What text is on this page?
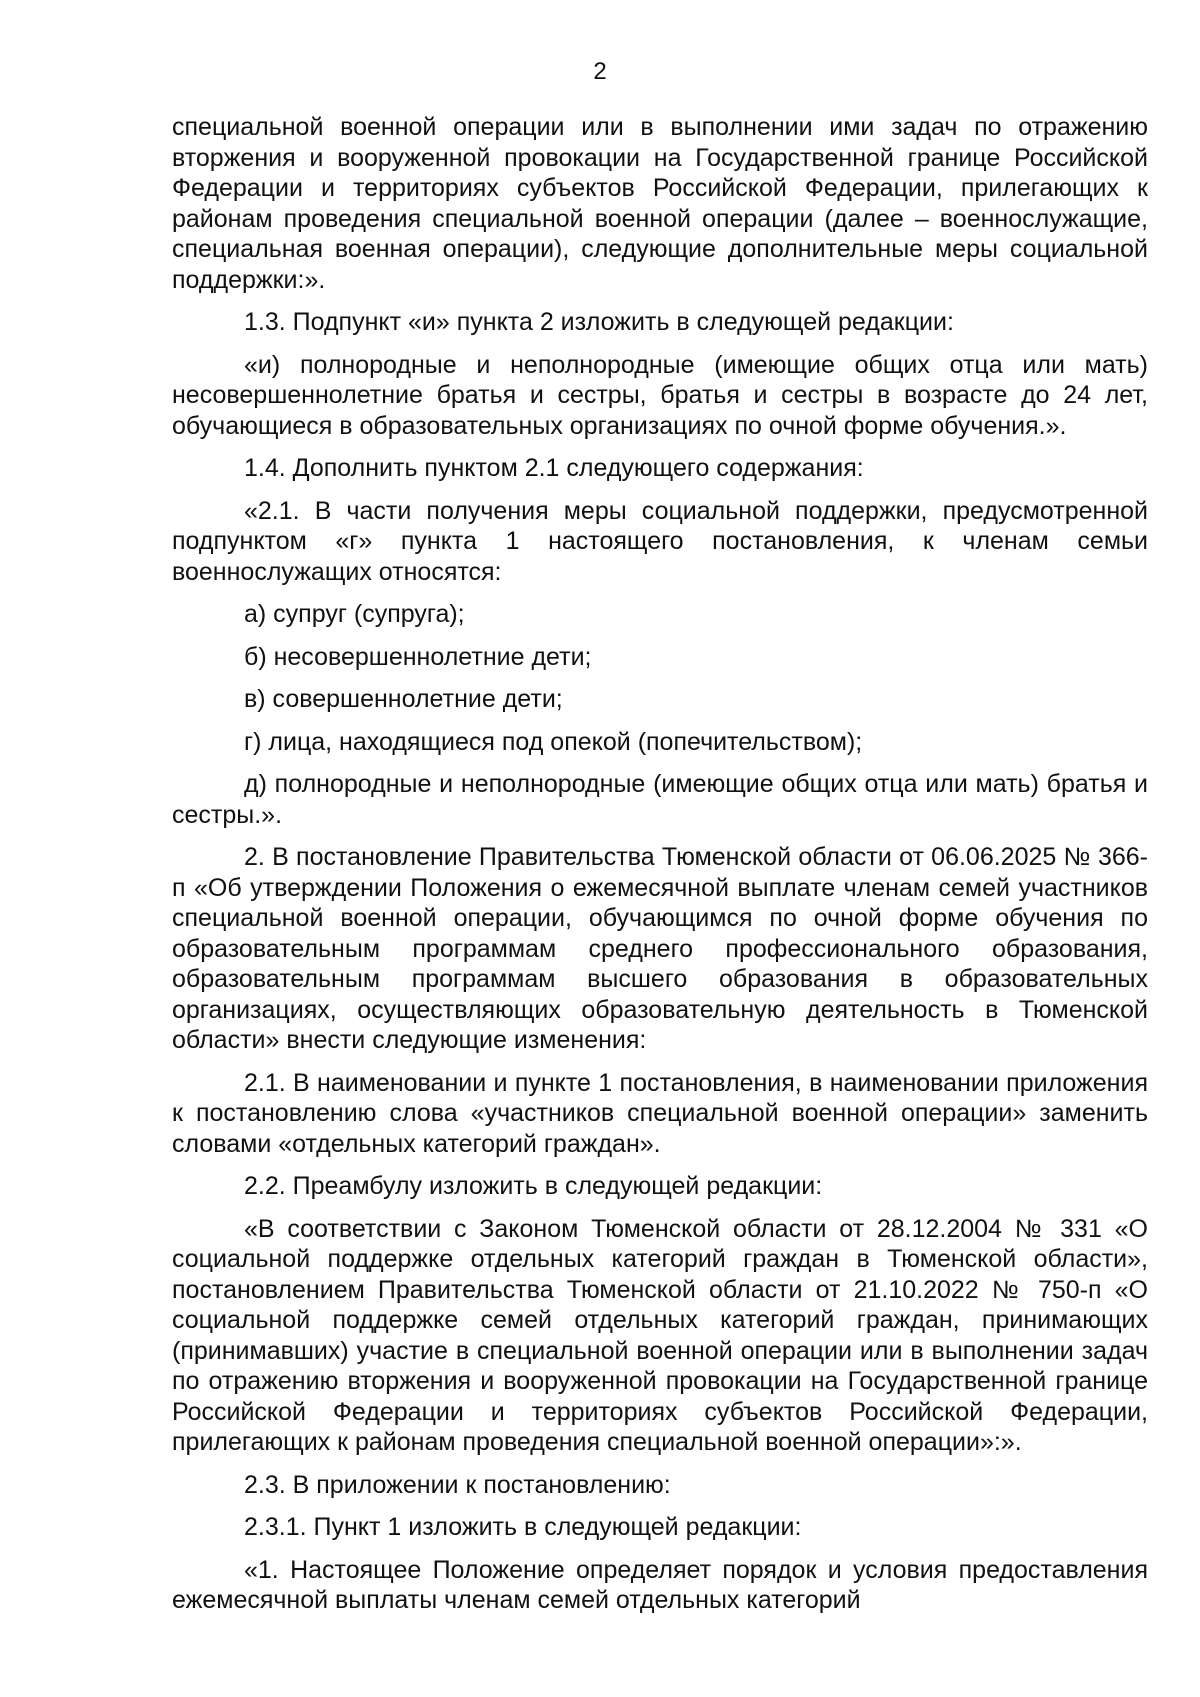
2

специальной военной операции или в выполнении ими задач по отражению вторжения и вооруженной провокации на Государственной границе Российской Федерации и территориях субъектов Российской Федерации, прилегающих к районам проведения специальной военной операции (далее – военнослужащие, специальная военная операции), следующие дополнительные меры социальной поддержки:».

1.3. Подпункт «и» пункта 2 изложить в следующей редакции:

«и) полнородные и неполнородные (имеющие общих отца или мать) несовершеннолетние братья и сестры, братья и сестры в возрасте до 24 лет, обучающиеся в образовательных организациях по очной форме обучения.».

1.4. Дополнить пунктом 2.1 следующего содержания:

«2.1. В части получения меры социальной поддержки, предусмотренной подпунктом «г» пункта 1 настоящего постановления, к членам семьи военнослужащих относятся:

а) супруг (супруга);

б) несовершеннолетние дети;

в) совершеннолетние дети;

г) лица, находящиеся под опекой (попечительством);

д) полнородные и неполнородные (имеющие общих отца или мать) братья и сестры.».

2. В постановление Правительства Тюменской области от 06.06.2025 № 366-п «Об утверждении Положения о ежемесячной выплате членам семей участников специальной военной операции, обучающимся по очной форме обучения по образовательным программам среднего профессионального образования, образовательным программам высшего образования в образовательных организациях, осуществляющих образовательную деятельность в Тюменской области» внести следующие изменения:

2.1. В наименовании и пункте 1 постановления, в наименовании приложения к постановлению слова «участников специальной военной операции» заменить словами «отдельных категорий граждан».

2.2. Преамбулу изложить в следующей редакции:

«В соответствии с Законом Тюменской области от 28.12.2004 № 331 «О социальной поддержке отдельных категорий граждан в Тюменской области», постановлением Правительства Тюменской области от 21.10.2022 № 750-п «О социальной поддержке семей отдельных категорий граждан, принимающих (принимавших) участие в специальной военной операции или в выполнении задач по отражению вторжения и вооруженной провокации на Государственной границе Российской Федерации и территориях субъектов Российской Федерации, прилегающих к районам проведения специальной военной операции»:».

2.3. В приложении к постановлению:

2.3.1. Пункт 1 изложить в следующей редакции:

«1. Настоящее Положение определяет порядок и условия предоставления ежемесячной выплаты членам семей отдельных категорий
